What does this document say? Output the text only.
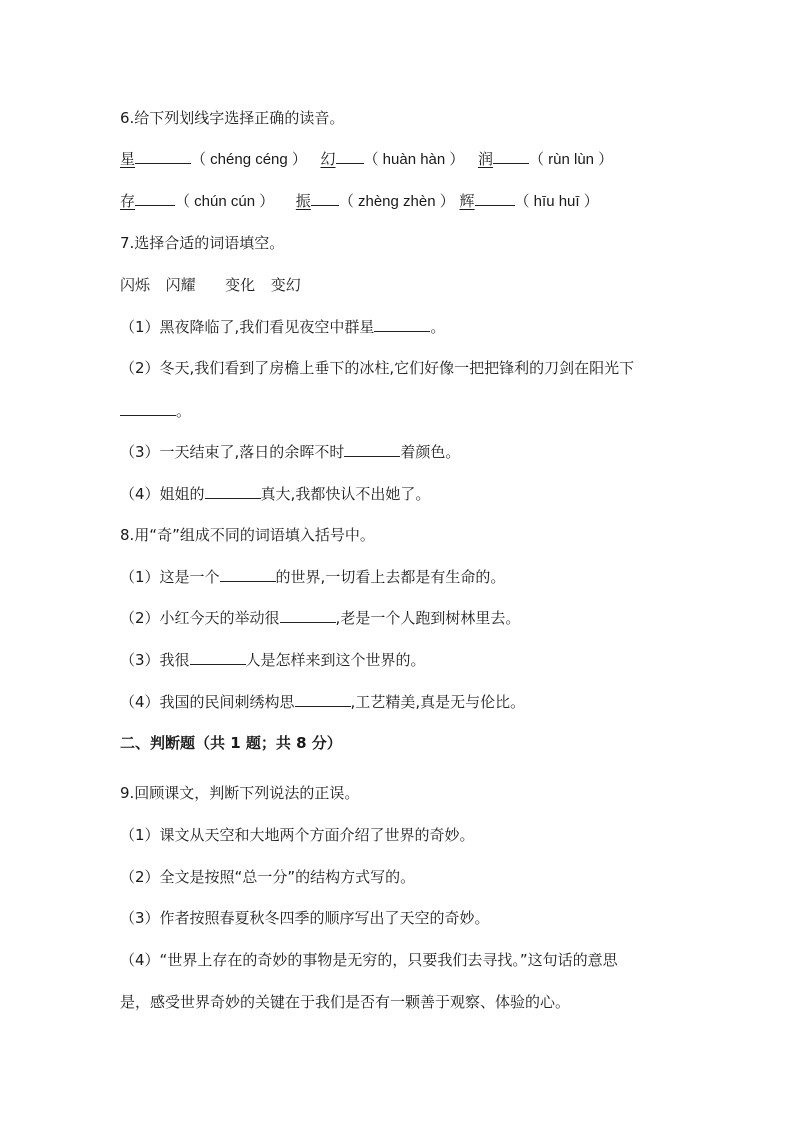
6.给下列划线字选择正确的读音。
星	（ chéng céng ） 幻 （ huàn hàn ） 润 （ rùn lùn ）
存	（ chún cún ） 振 （ zhèng zhèn ） 辉	（ hīu huī ）
7.选择合适的词语填空。
闪烁 闪耀 变化 变幻
（1）黑夜降临了,我们看见夜空中群星	。
（2）冬天,我们看到了房檐上垂下的冰柱,它们好像一把把锋利的刀剑在阳光下
。
（3）一天结束了,落日的余晖不时	着颜色。
（4）姐姐的	真大,我都快认不出她了。
8.用“奇”组成不同的词语填入括号中。
（1）这是一个	的世界,一切看上去都是有生命的。
（2）小红今天的举动很	,老是一个人跑到树林里去。
（3）我很	人是怎样来到这个世界的。
（4）我国的民间刺绣构思	,工艺精美,真是无与伦比。
二、判断题（共 1 题；共 8 分）
9.回顾课文，判断下列说法的正误。
（1）课文从天空和大地两个方面介绍了世界的奇妙。
（2）全文是按照“总一分”的结构方式写的。
（3）作者按照春夏秋冬四季的顺序写出了天空的奇妙。
（4）“世界上存在的奇妙的事物是无穷的，只要我们去寻找。”这句话的意思
是，感受世界奇妙的关键在于我们是否有一颗善于观察、体验的心。
